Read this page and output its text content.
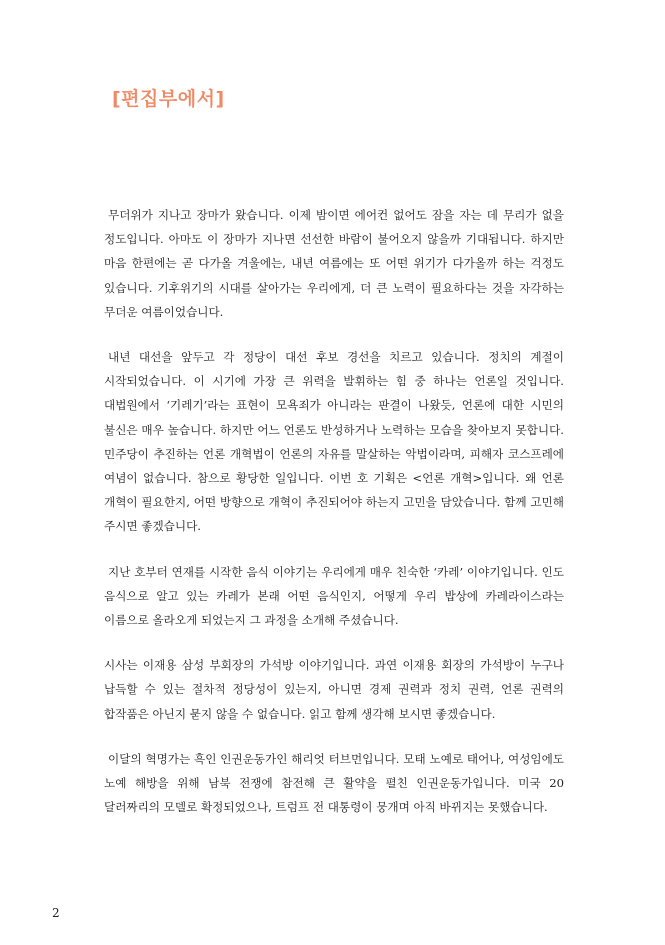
[편집부에서]

무더위가 지나고 장마가 왔습니다. 이제 밤이면 에어컨 없어도 잠을 자는 데 무리가 없을 정도입니다. 아마도 이 장마가 지나면 선선한 바람이 불어오지 않을까 기대됩니다. 하지만 마음 한편에는 곧 다가올 겨울에는, 내년 여름에는 또 어떤 위기가 다가올까 하는 걱정도 있습니다. 기후위기의 시대를 살아가는 우리에게, 더 큰 노력이 필요하다는 것을 자각하는 무더운 여름이었습니다.

내년 대선을 앞두고 각 정당이 대선 후보 경선을 치르고 있습니다. 정치의 계절이 시작되었습니다. 이 시기에 가장 큰 위력을 발휘하는 힘 중 하나는 언론일 것입니다. 대법원에서 ‘기레기’라는 표현이 모욕죄가 아니라는 판결이 나왔듯, 언론에 대한 시민의 불신은 매우 높습니다. 하지만 어느 언론도 반성하거나 노력하는 모습을 찾아보지 못합니다. 민주당이 추진하는 언론 개혁법이 언론의 자유를 말살하는 악법이라며, 피해자 코스프레에 여념이 없습니다. 참으로 황당한 일입니다. 이번 호 기획은 <언론 개혁>입니다. 왜 언론 개혁이 필요한지, 어떤 방향으로 개혁이 추진되어야 하는지 고민을 담았습니다. 함께 고민해 주시면 좋겠습니다.

지난 호부터 연재를 시작한 음식 이야기는 우리에게 매우 친숙한 ‘카레’ 이야기입니다. 인도 음식으로 알고 있는 카레가 본래 어떤 음식인지, 어떻게 우리 밥상에 카레라이스라는 이름으로 올라오게 되었는지 그 과정을 소개해 주셨습니다.

시사는 이재용 삼성 부회장의 가석방 이야기입니다. 과연 이재용 회장의 가석방이 누구나 납득할 수 있는 절차적 정당성이 있는지, 아니면 경제 권력과 정치 권력, 언론 권력의 합작품은 아닌지 묻지 않을 수 없습니다. 읽고 함께 생각해 보시면 좋겠습니다.

이달의 혁명가는 흑인 인권운동가인 해리엇 터브먼입니다. 모태 노예로 태어나, 여성임에도 노예 해방을 위해 남북 전쟁에 참전해 큰 활약을 펼친 인권운동가입니다. 미국 20 달러짜리의 모델로 확정되었으나, 트럼프 전 대통령이 뭉개며 아직 바뀌지는 못했습니다.

2
